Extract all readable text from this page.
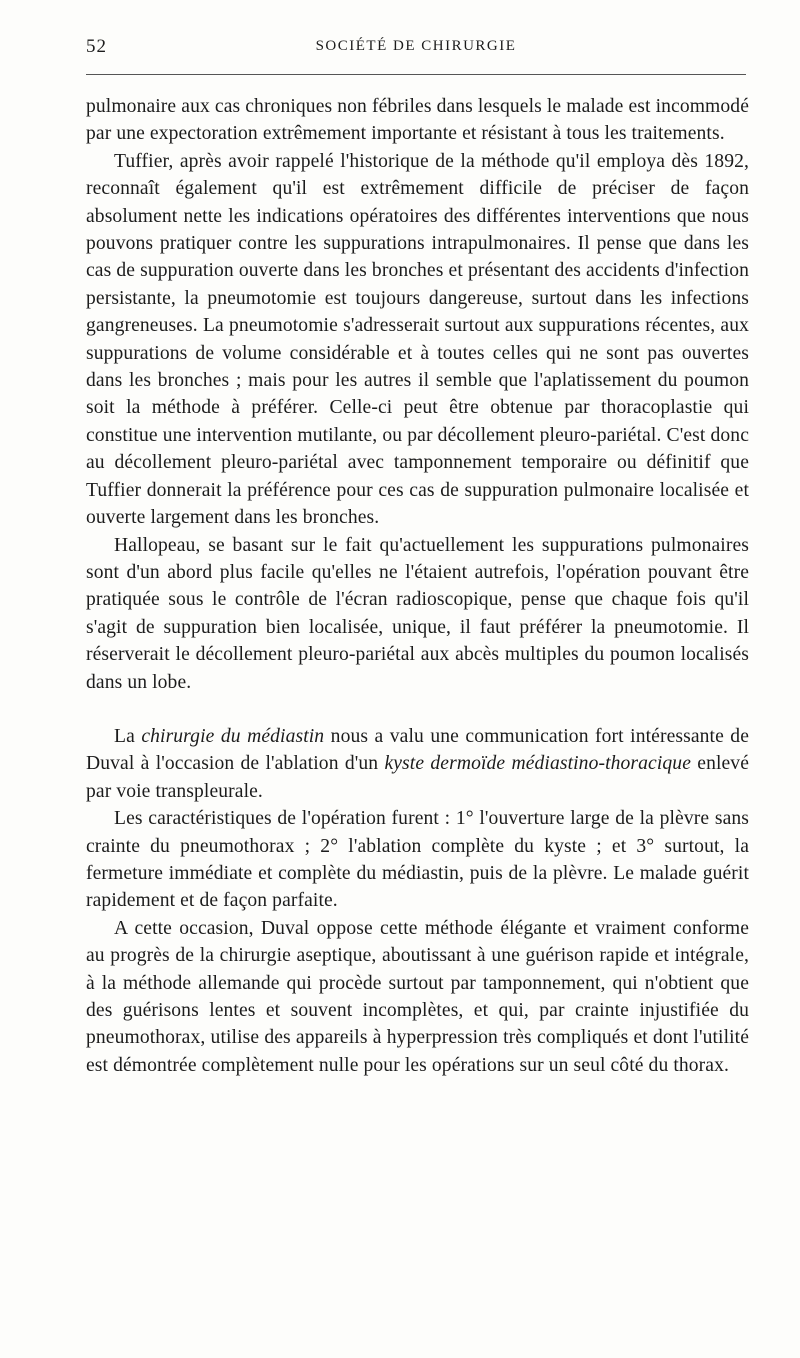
52	SOCIÉTÉ DE CHIRURGIE

pulmonaire aux cas chroniques non fébriles dans lesquels le malade est incommodé par une expectoration extrêmement importante et résistant à tous les traitements.

Tuffier, après avoir rappelé l'historique de la méthode qu'il employa dès 1892, reconnaît également qu'il est extrêmement difficile de préciser de façon absolument nette les indications opératoires des différentes interventions que nous pouvons pratiquer contre les suppurations intrapulmonaires. Il pense que dans les cas de suppuration ouverte dans les bronches et présentant des accidents d'infection persistante, la pneumotomie est toujours dangereuse, surtout dans les infections gangreneuses. La pneumotomie s'adresserait surtout aux suppurations récentes, aux suppurations de volume considérable et à toutes celles qui ne sont pas ouvertes dans les bronches ; mais pour les autres il semble que l'aplatissement du poumon soit la méthode à préférer. Celle-ci peut être obtenue par thoracoplastie qui constitue une intervention mutilante, ou par décollement pleuro-pariétal. C'est donc au décollement pleuro-pariétal avec tamponnement temporaire ou définitif que Tuffier donnerait la préférence pour ces cas de suppuration pulmonaire localisée et ouverte largement dans les bronches.

Hallopeau, se basant sur le fait qu'actuellement les suppurations pulmonaires sont d'un abord plus facile qu'elles ne l'étaient autrefois, l'opération pouvant être pratiquée sous le contrôle de l'écran radioscopique, pense que chaque fois qu'il s'agit de suppuration bien localisée, unique, il faut préférer la pneumotomie. Il réserverait le décollement pleuro-pariétal aux abcès multiples du poumon localisés dans un lobe.

La chirurgie du médiastin nous a valu une communication fort intéressante de Duval à l'occasion de l'ablation d'un kyste dermoïde médiastino-thoracique enlevé par voie transpleurale.

Les caractéristiques de l'opération furent : 1° l'ouverture large de la plèvre sans crainte du pneumothorax ; 2° l'ablation complète du kyste ; et 3° surtout, la fermeture immédiate et complète du médiastin, puis de la plèvre. Le malade guérit rapidement et de façon parfaite.

A cette occasion, Duval oppose cette méthode élégante et vraiment conforme au progrès de la chirurgie aseptique, aboutissant à une guérison rapide et intégrale, à la méthode allemande qui procède surtout par tamponnement, qui n'obtient que des guérisons lentes et souvent incomplètes, et qui, par crainte injustifiée du pneumothorax, utilise des appareils à hyperpression très compliqués et dont l'utilité est démontrée complètement nulle pour les opérations sur un seul côté du thorax.
